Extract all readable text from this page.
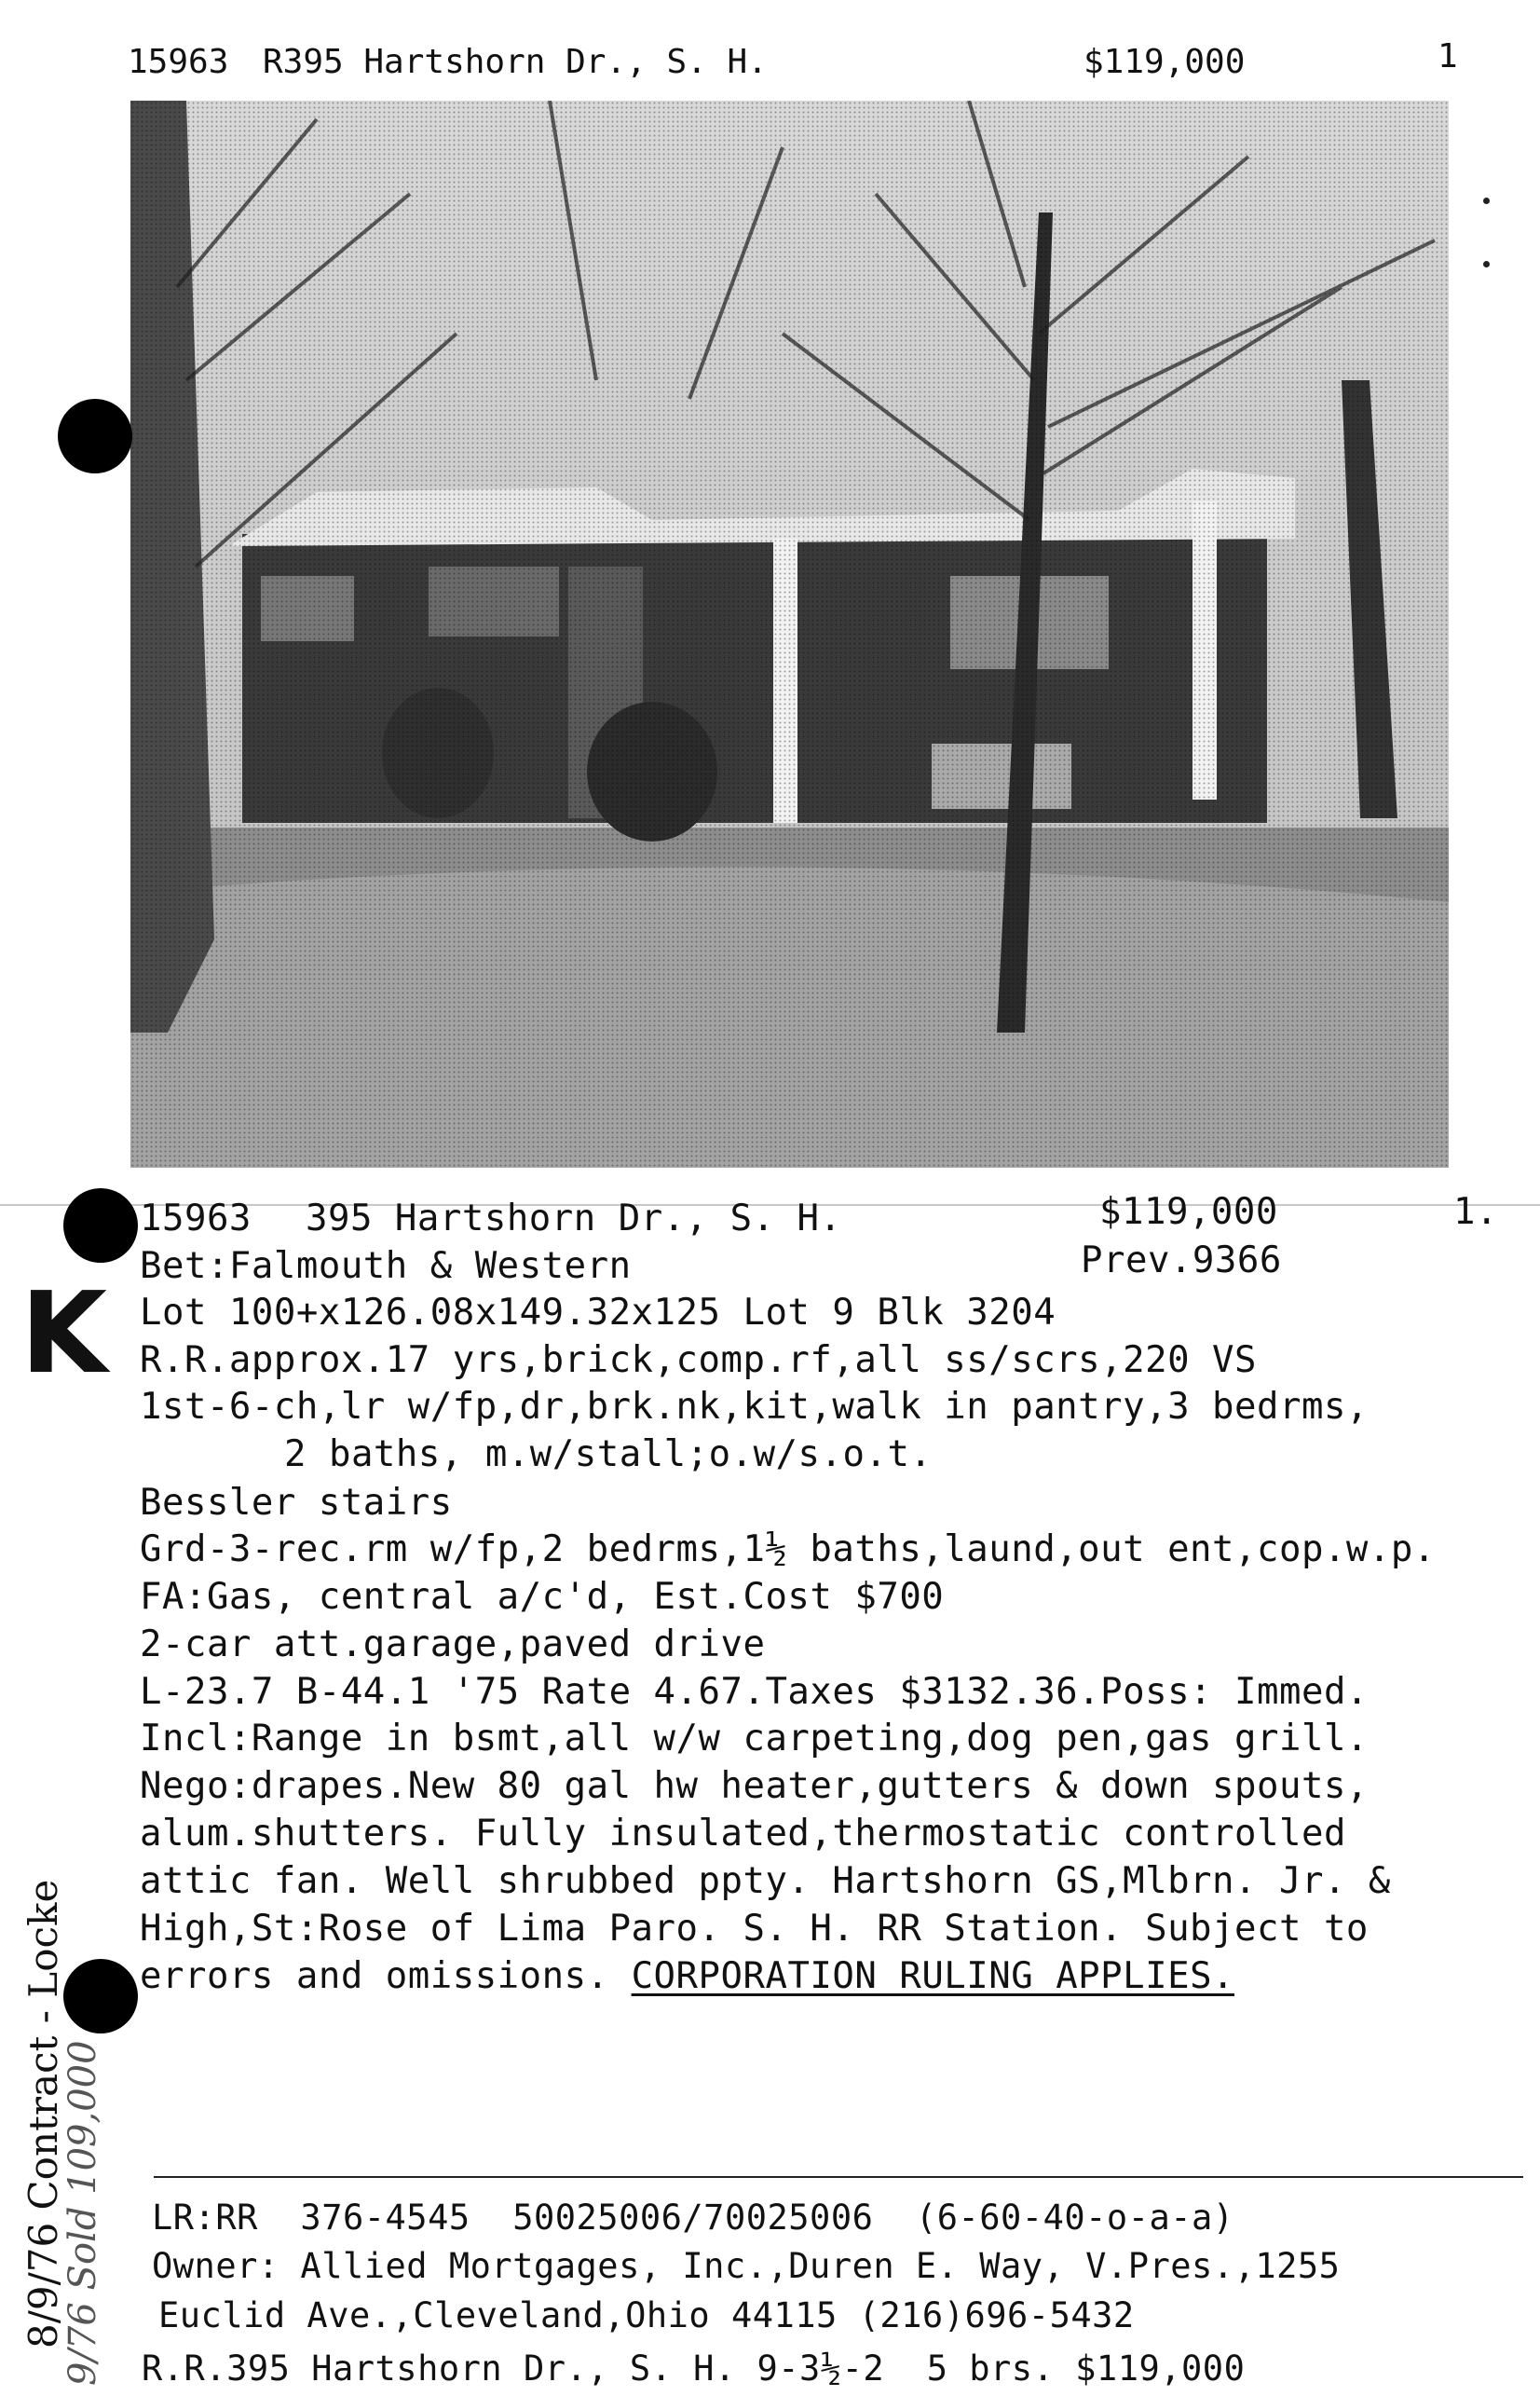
15963 R395 Hartshorn Dr., S. H.	$119,000	1
K
8/9/76 Contract - Locke
9/76 Sold 109,000
15963 395 Hartshorn Dr., S. H.	$119,000	1.
Bet:Falmouth & Western	Prev.9366
Lot 100+x126.08x149.32x125 Lot 9 Blk 3204
R.R.approx.17 yrs,brick,comp.rf,all ss/scrs,220 VS
1st-6-ch,lr w/fp,dr,brk.nk,kit,walk in pantry,3 bedrms,
2 baths, m.w/stall;o.w/s.o.t.
Bessler stairs
Grd-3-rec.rm w/fp,2 bedrms,1½ baths,laund,out ent,cop.w.p.
FA:Gas, central a/c'd, Est.Cost $700
2-car att.garage,paved drive
L-23.7 B-44.1 '75 Rate 4.67.Taxes $3132.36.Poss: Immed.
Incl:Range in bsmt,all w/w carpeting,dog pen,gas grill.
Nego:drapes.New 80 gal hw heater,gutters & down spouts,
alum.shutters. Fully insulated,thermostatic controlled
attic fan. Well shrubbed ppty. Hartshorn GS,Mlbrn. Jr. &
High,St:Rose of Lima Paro. S. H. RR Station. Subject to
errors and omissions. CORPORATION RULING APPLIES.
LR:RR  376-4545  50025006/70025006  (6-60-40-o-a-a)
Owner: Allied Mortgages, Inc.,Duren E. Way, V.Pres.,1255
Euclid Ave.,Cleveland,Ohio 44115 (216)696-5432
R.R.395 Hartshorn Dr., S. H. 9-3½-2  5 brs. $119,000
